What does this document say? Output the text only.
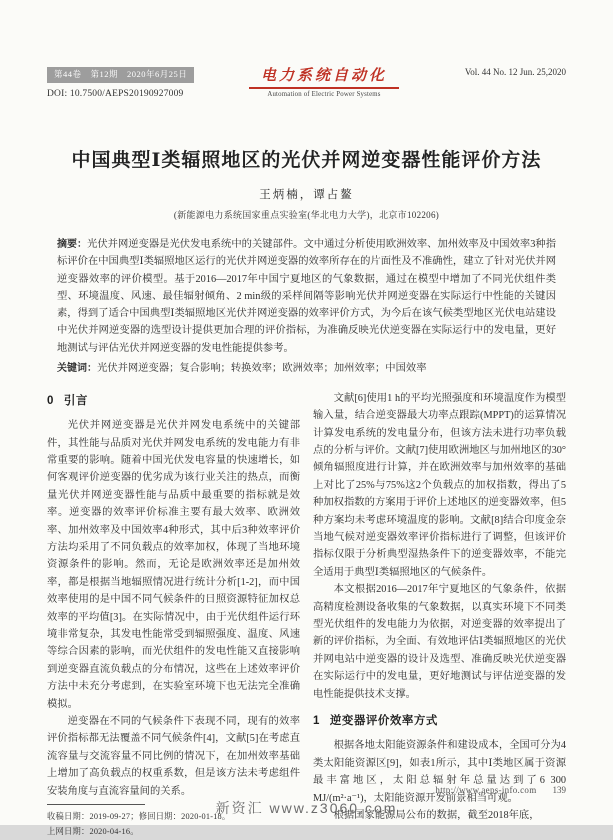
第44卷　第12期　2020年6月25日
DOI: 10.7500/AEPS20190927009
电力系统自动化
Automation of Electric Power Systems
Vol. 44 No. 12 Jun. 25,2020
中国典型Ⅰ类辐照地区的光伏并网逆变器性能评价方法
王炳楠，谭占鳌
(新能源电力系统国家重点实验室(华北电力大学)，北京市102206)
摘要：光伏并网逆变器是光伏发电系统中的关键部件。文中通过分析使用欧洲效率、加州效率及中国效率3种指标评价在中国典型Ⅰ类辐照地区运行的光伏并网逆变器的效率所存在的片面性及不准确性，建立了针对光伏并网逆变器效率的评价模型。基于2016—2017年中国宁夏地区的气象数据，通过在模型中增加了不同光伏组件类型、环境温度、风速、最佳辐射倾角、2 min级的采样间隔等影响光伏并网逆变器在实际运行中性能的关键因素，得到了适合中国典型Ⅰ类辐照地区光伏并网逆变器的效率评价方式，为今后在该气候类型地区光伏电站建设中光伏并网逆变器的选型设计提供更加合理的评价指标，为准确反映光伏逆变器在实际运行中的发电量，更好地测试与评估光伏并网逆变器的发电性能提供参考。
关键词：光伏并网逆变器；复合影响；转换效率；欧洲效率；加州效率；中国效率
0 引言

光伏并网逆变器是光伏并网发电系统中的关键部件，其性能与品质对光伏并网发电系统的发电能力有非常重要的影响。随着中国光伏发电容量的快速增长，如何客观评价逆变器的优劣成为该行业关注的热点，而衡量光伏并网逆变器性能与品质中最重要的指标就是效率。逆变器的效率评价标准主要有最大效率、欧洲效率、加州效率及中国效率4种形式，其中后3种效率评价方法均采用了不同负载点的效率加权，体现了当地环境资源条件的影响。然而，无论是欧洲效率还是加州效率，都是根据当地辐照情况进行统计分析[1-2]，而中国效率使用的是中国不同气候条件的日照资源特征加权总效率的平均值[3]。在实际情况中，由于光伏组件运行环境非常复杂，其发电性能常受到辐照强度、温度、风速等综合因素的影响，而光伏组件的发电性能又直接影响到逆变器直流负载点的分布情况，这些在上述效率评价方法中未充分考虑到，在实验室环境下也无法完全准确模拟。

逆变器在不同的气候条件下表现不同，现有的效率评价指标都无法覆盖不同气候条件[4]，文献[5]在考虑直流容量与交流容量不同比例的情况下，在加州效率基础上增加了高负载点的权重系数，但是该方法未考虑组件安装角度与直流容量间的关系。

收稿日期：2019-09-27；修回日期：2020-01-18。
上网日期：2020-04-16。

文献[6]使用1 h的平均光照强度和环境温度作为模型输入量，结合逆变器最大功率点跟踪(MPPT)的运算情况计算发电系统的发电量分布，但该方法未进行功率负载点的分析与评价。文献[7]使用欧洲地区与加州地区的30°倾角辐照度进行计算，并在欧洲效率与加州效率的基础上对比了25%与75%这2个负载点的加权指数，得出了5种加权指数的方案用于评价上述地区的逆变器效率，但5种方案均未考虑环境温度的影响。文献[8]结合印度金奈当地气候对逆变器效率评价指标进行了调整，但该评价指标仅限于分析典型湿热条件下的逆变器效率，不能完全适用于典型Ⅰ类辐照地区的气候条件。

本文根据2016—2017年宁夏地区的气象条件，依据高精度检测设备收集的气象数据，以真实环境下不同类型光伏组件的发电能力为依据，对逆变器的效率提出了新的评价指标，为全面、有效地评估Ⅰ类辐照地区的光伏并网电站中逆变器的设计及选型、准确反映光伏逆变器在实际运行中的发电量，更好地测试与评估逆变器的发电性能提供技术支撑。

1 逆变器评价效率方式

根据各地太阳能资源条件和建设成本，全国可分为4类太阳能资源区[9]，如表1所示，其中Ⅰ类地区属于资源最丰富地区，太阳总辐射年总量达到了6 300 MJ/(m²·a⁻¹)，太阳能资源开发前景相当可观。

根据国家能源局公布的数据，截至2018年底，

http://www.aeps-info.com 139
新资汇 www.z3060.com
